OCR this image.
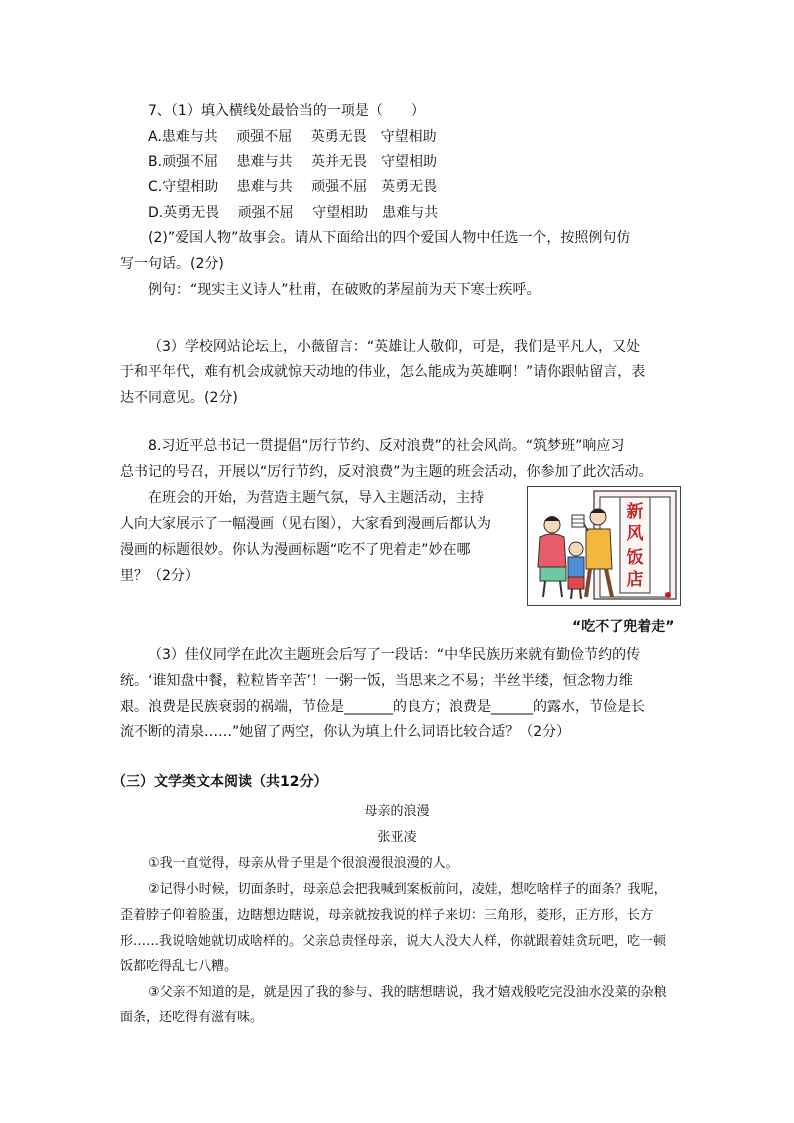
7、（1）填入横线处最恰当的一项是（　　）
A.患难与共　 顽强不屈　 英勇无畏　守望相助
B.顽强不屈　 患难与共　 英并无畏　守望相助
C.守望相助　 患难与共　 顽强不屈　英勇无畏
D.英勇无畏　 顽强不屈　 守望相助　患难与共
(2)”爱国人物”故事会。请从下面给出的四个爱国人物中任选一个，按照例句仿
写一句话。(2分)
例句：“现实主义诗人”杜甫，在破败的茅屋前为天下寒士疾呼。
（3）学校网站论坛上，小薇留言：“英雄让人敬仰，可是，我们是平凡人，又处
于和平年代，难有机会成就惊天动地的伟业，怎么能成为英雄啊！”请你跟帖留言，表
达不同意见。(2分)
8.习近平总书记一贯提倡“厉行节约、反对浪费”的社会风尚。“筑梦班”响应习
总书记的号召，开展以“厉行节约，反对浪费”为主题的班会活动，你参加了此次活动。
在班会的开始，为营造主题气氛，导入主题活动，主持
人向大家展示了一幅漫画（见右图），大家看到漫画后都认为
漫画的标题很妙。你认为漫画标题“吃不了兜着走”妙在哪
里？（2分）
新
风
饭
店
“吃不了兜着走”
（3）佳仪同学在此次主题班会后写了一段话：“中华民族历来就有勤俭节约的传
统。‘谁知盘中餐，粒粒皆辛苦’！一粥一饭，当思来之不易；半丝半缕，恒念物力维
艰。浪费是民族衰弱的祸端，节俭是_______的良方；浪费是______的露水，节俭是长
流不断的清泉……”她留了两空，你认为填上什么词语比较合适？（2分）
（三）文学类文本阅读（共12分）
母亲的浪漫
张亚凌
①我一直觉得，母亲从骨子里是个很浪漫很浪漫的人。
②记得小时候，切面条时，母亲总会把我喊到案板前问，凌娃，想吃啥样子的面条？我呢，
歪着脖子仰着脸蛋，边瞎想边瞎说，母亲就按我说的样子来切：三角形，菱形，正方形，长方
形……我说啥她就切成啥样的。父亲总责怪母亲，说大人没大人样，你就跟着娃贪玩吧，吃一顿
饭都吃得乱七八糟。
③父亲不知道的是，就是因了我的参与、我的瞎想瞎说，我才嬉戏般吃完没油水没菜的杂粮
面条，还吃得有滋有味。
